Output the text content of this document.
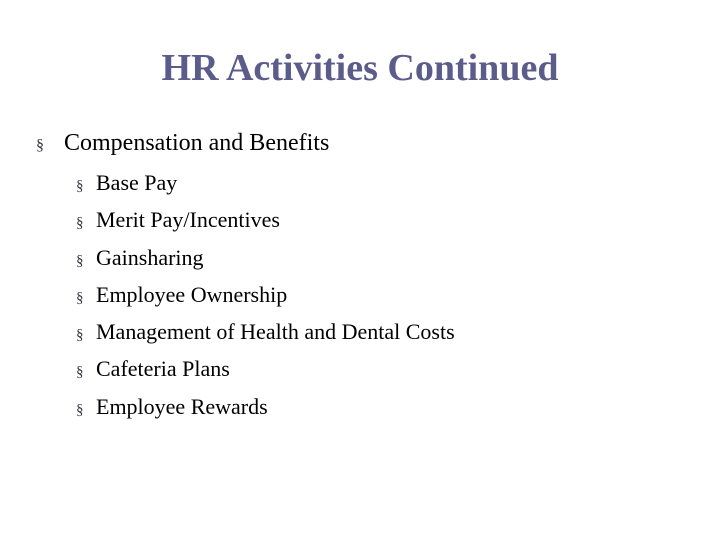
HR Activities Continued
§ Compensation and Benefits
§ Base Pay
§ Merit Pay/Incentives
§ Gainsharing
§ Employee Ownership
§ Management of Health and Dental Costs
§ Cafeteria Plans
§ Employee Rewards
